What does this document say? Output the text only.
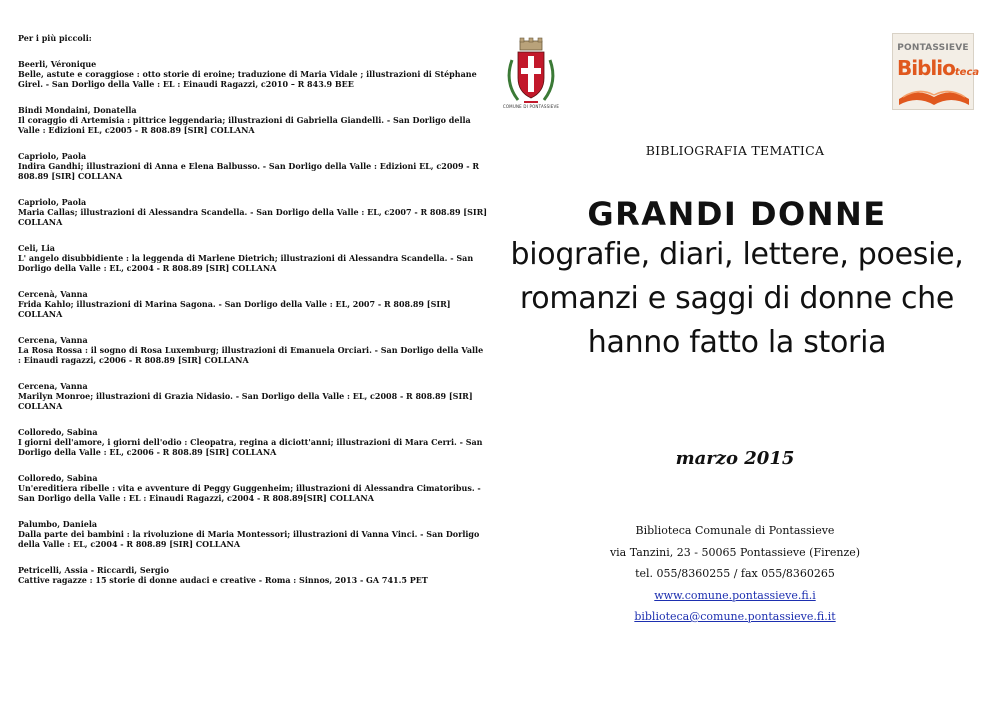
Per i più piccoli:
Beerli, Véronique
Belle, astute e coraggiose : otto storie di eroine; traduzione di Maria Vidale ; illustrazioni di Stéphane Girel. - San Dorligo della Valle : EL : Einaudi Ragazzi, c2010 – R 843.9 BEE
Bindi Mondaini, Donatella
Il coraggio di Artemisia : pittrice leggendaria; illustrazioni di Gabriella Giandelli. - San Dorligo della Valle : Edizioni EL, c2005 - R 808.89 [SIR] COLLANA
Capriolo, Paola
Indira Gandhi; illustrazioni di Anna e Elena Balbusso. - San Dorligo della Valle : Edizioni EL, c2009 - R 808.89 [SIR] COLLANA
Capriolo, Paola
Maria Callas; illustrazioni di Alessandra Scandella. - San Dorligo della Valle : EL, c2007 - R 808.89 [SIR] COLLANA
Celi, Lia
L' angelo disubbidiente : la leggenda di Marlene Dietrich; illustrazioni di Alessandra Scandella. - San Dorligo della Valle : EL, c2004 - R 808.89 [SIR] COLLANA
Cercenà, Vanna
Frida Kahlo; illustrazioni di Marina Sagona. - San Dorligo della Valle : EL, 2007 - R 808.89 [SIR] COLLANA
Cercena, Vanna
La Rosa Rossa : il sogno di Rosa Luxemburg; illustrazioni di Emanuela Orciari. - San Dorligo della Valle : Einaudi ragazzi, c2006 - R 808.89 [SIR] COLLANA
Cercena, Vanna
Marilyn Monroe; illustrazioni di Grazia Nidasio. - San Dorligo della Valle : EL, c2008 - R 808.89 [SIR] COLLANA
Colloredo, Sabina
I giorni dell'amore, i giorni dell'odio : Cleopatra, regina a diciott'anni; illustrazioni di Mara Cerri. - San Dorligo della Valle : EL, c2006 - R 808.89 [SIR] COLLANA
Colloredo, Sabina
Un'ereditiera ribelle : vita e avventure di Peggy Guggenheim; illustrazioni di Alessandra Cimatoribus. - San Dorligo della Valle : EL : Einaudi Ragazzi, c2004 - R 808.89[SIR] COLLANA
Palumbo, Daniela
Dalla parte dei bambini : la rivoluzione di Maria Montessori; illustrazioni di Vanna Vinci. - San Dorligo della Valle : EL, c2004 - R 808.89 [SIR] COLLANA
Petricelli, Assia - Riccardi, Sergio
Cattive ragazze : 15 storie di donne audaci e creative - Roma : Sinnos, 2013 - GA 741.5 PET
COMUNE DI PONTASSIEVE
PONTASSIEVE
Biblioteca
BIBLIOGRAFIA TEMATICA
GRANDI DONNE
biografie, diari, lettere, poesie,
romanzi e saggi di donne che
hanno fatto la storia
marzo 2015
Biblioteca Comunale di Pontassieve
via Tanzini, 23 - 50065 Pontassieve (Firenze)
tel. 055/8360255 / fax 055/8360265
www.comune.pontassieve.fi.i
biblioteca@comune.pontassieve.fi.it
